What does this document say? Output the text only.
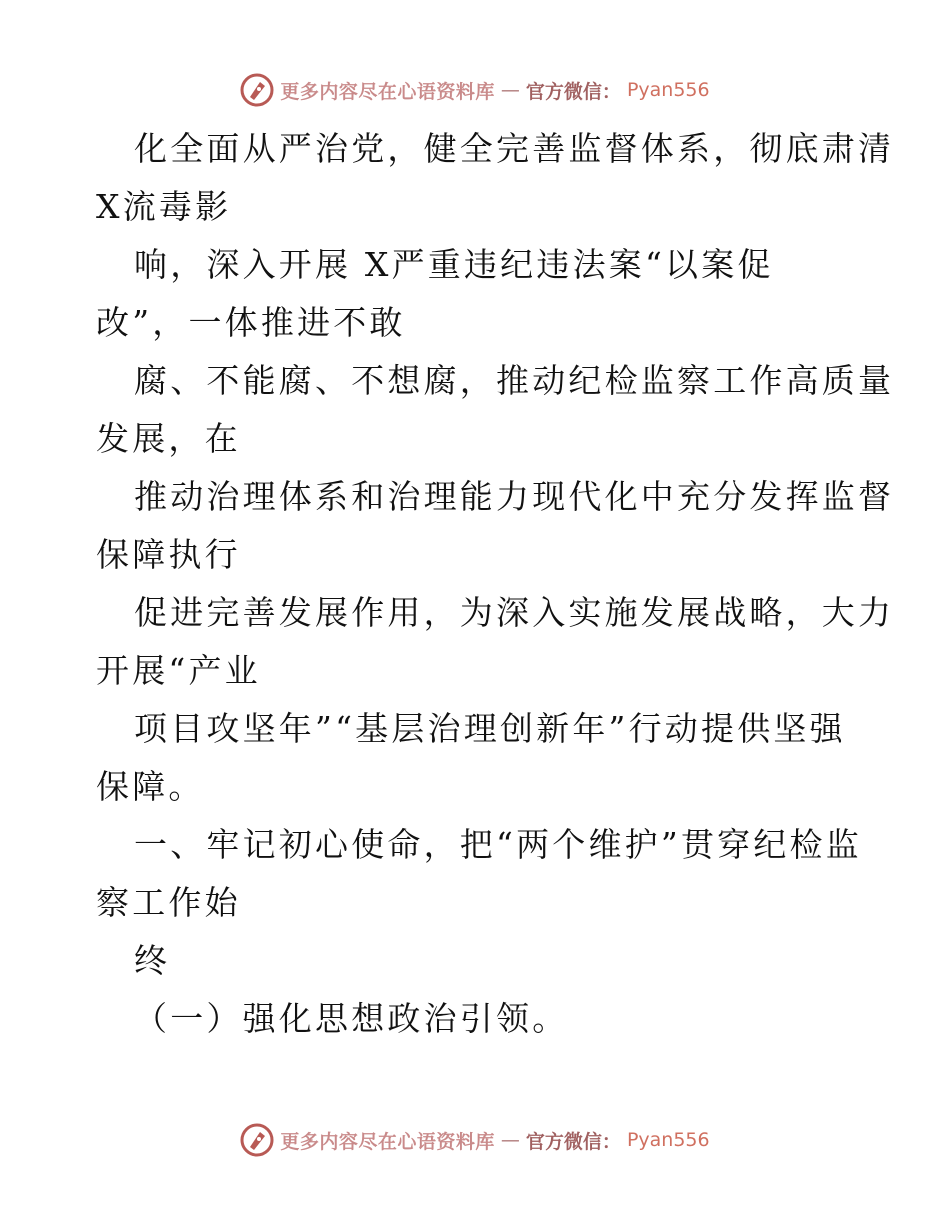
更多内容尽在心语资料库 — 官方微信： Pyan556
化全面从严治党，健全完善监督体系，彻底肃清
X流毒影
响，深入开展 X严重违纪违法案“以案促
改”，一体推进不敢
腐、不能腐、不想腐，推动纪检监察工作高质量
发展，在
推动治理体系和治理能力现代化中充分发挥监督
保障执行
促进完善发展作用，为深入实施发展战略，大力
开展“产业
项目攻坚年”“基层治理创新年”行动提供坚强
保障。
一、牢记初心使命，把“两个维护”贯穿纪检监
察工作始
终
（一）强化思想政治引领。
更多内容尽在心语资料库 — 官方微信： Pyan556
